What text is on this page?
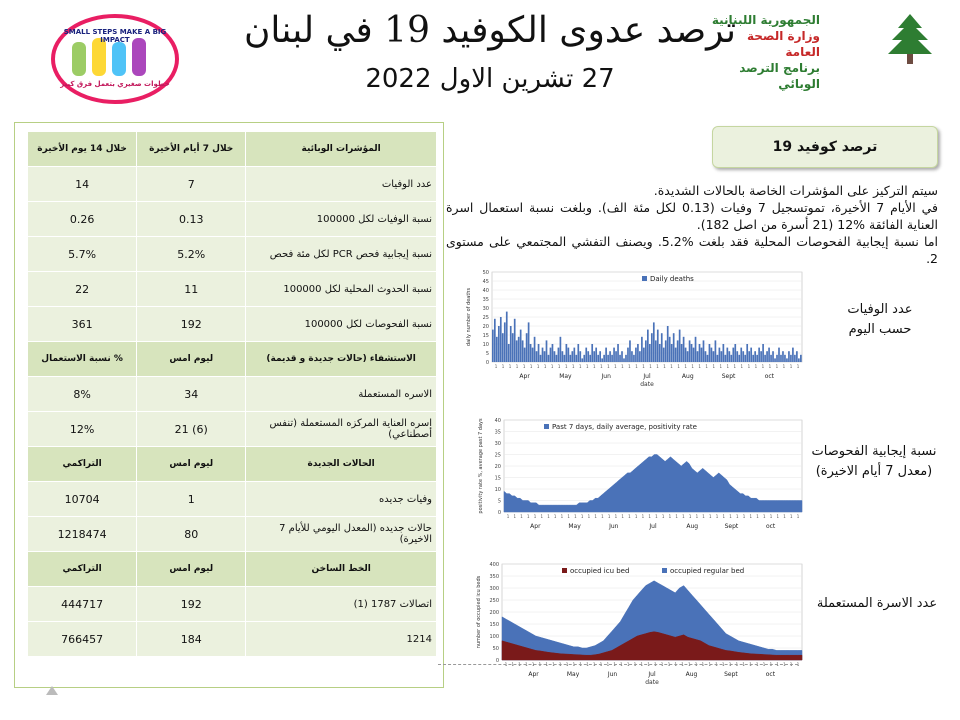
ترصد عدوى الكوفيد 19 في لبنان
27 تشرين الاول 2022
الجمهورية اللبنانية
وزارة الصحة العامة
برنامج الترصد الوبائي
SMALL STEPS MAKE A BIG IMPACT
خطوات صغيري بتعمل فرق كبير
المؤشرات الوبائية	خلال 7 أيام الأخيرة	خلال 14 يوم الأخيرة
عدد الوفيات	7	14
نسبة الوفيات لكل 100000	0.13	0.26
نسبة إيجابية فحص PCR لكل مئة فحص	5.2%	5.7%
نسبة الحدوث المحلية لكل 100000	11	22
نسبة الفحوصات لكل 100000	192	361
الاستشفاء (حالات جديدة و قديمة)	ليوم امس	% نسبة الاستعمال
الاسره المستعملة	34	8%
اسره العناية المركزه المستعملة (تنفس أصطناعي)	(6) 21	12%
الحالات الجديدة	ليوم امس	التراكمي
وفيات جديده	1	10704
حالات جديده (المعدل اليومي للأيام 7 الاخيرة)	80	1218474
الخط الساخن	ليوم امس	التراكمي
اتصالات 1787 (1)	192	444717
1214	184	766457
ترصد كوفيد 19

سيتم التركيز على المؤشرات الخاصة بالحالات الشديدة.

في الأيام 7 الأخيرة، تموتسجيل 7 وفيات (0.13 لكل مئة الف). وبلغت نسبة استعمال اسرة العناية الفائقة %12 (21 أسرة من اصل 182).

اما نسبة إيجابية الفحوصات المحلية فقد بلغت %5.2. ويصنف التفشي المجتمعي على مستوى 2.

0
5
10
15
20
25
30
35
40
45
50
daily number of deaths
Apr	May	Jun	Jul	Aug	Sept	oct
1 1 1 1 1 1 1 1 1 1 1 1 1 1 1 1 1 1 1 1 1 1 1 1 1 1 1 1 1 1 1 1 1 1 1 1 1 1 1 1 1 1 1 1
date
Daily deaths
0
5
10
15
20
25
30
35
40
positivity rate %, average past 7 days
Apr	May	Jun	Jul	Aug	Sept	oct
1 1 1 1 1 1 1 1 1 1 1 1 1 1 1 1 1 1 1 1 1 1 1 1 1 1 1 1 1 1 1 1 1 1 1 1 1 1 1 1 1 1 1 1
Past 7 days, daily average, positivity rate
0
50
100
150
200
250
300
350
400
number of occupied icu beds
Apr	May	Jun	Jul	Aug	Sept	oct
1 1 1 1 1 1 1 1 1 1 1 1 1 1 1 1 1 1 1 1 1 1 1 1 1 1 1 1 1 1 1 1 1 1 1 1 1 1 1 1 1 1 1 1
date
occupied icu bed	occupied regular bed
عدد الوفيات
حسب اليوم
نسبة إيجابية الفحوصات
(معدل 7 أيام الاخيرة)
عدد الاسرة المستعملة
